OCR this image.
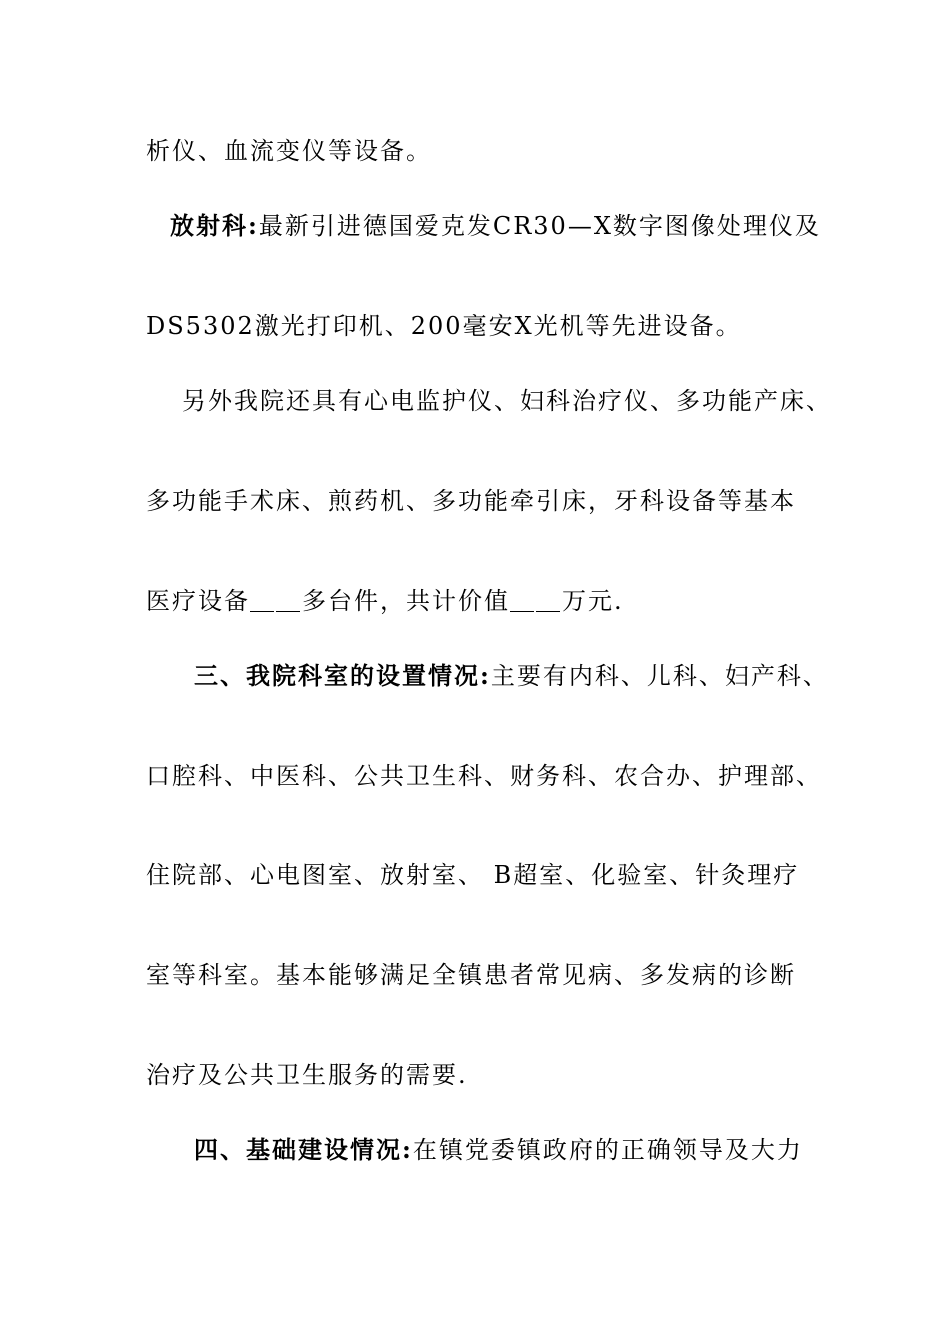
析仪、血流变仪等设备。
放射科:最新引进德国爱克发CR30—X数字图像处理仪及
DS5302激光打印机、200毫安X光机等先进设备。
另外我院还具有心电监护仪、妇科治疗仪、多功能产床、
多功能手术床、煎药机、多功能牵引床，牙科设备等基本
医疗设备＿＿多台件，共计价值＿＿万元.
三、我院科室的设置情况:主要有内科、儿科、妇产科、
口腔科、中医科、公共卫生科、财务科、农合办、护理部、
住院部、心电图室、放射室、 B超室、化验室、针灸理疗
室等科室。基本能够满足全镇患者常见病、多发病的诊断
治疗及公共卫生服务的需要.
四、基础建设情况:在镇党委镇政府的正确领导及大力
